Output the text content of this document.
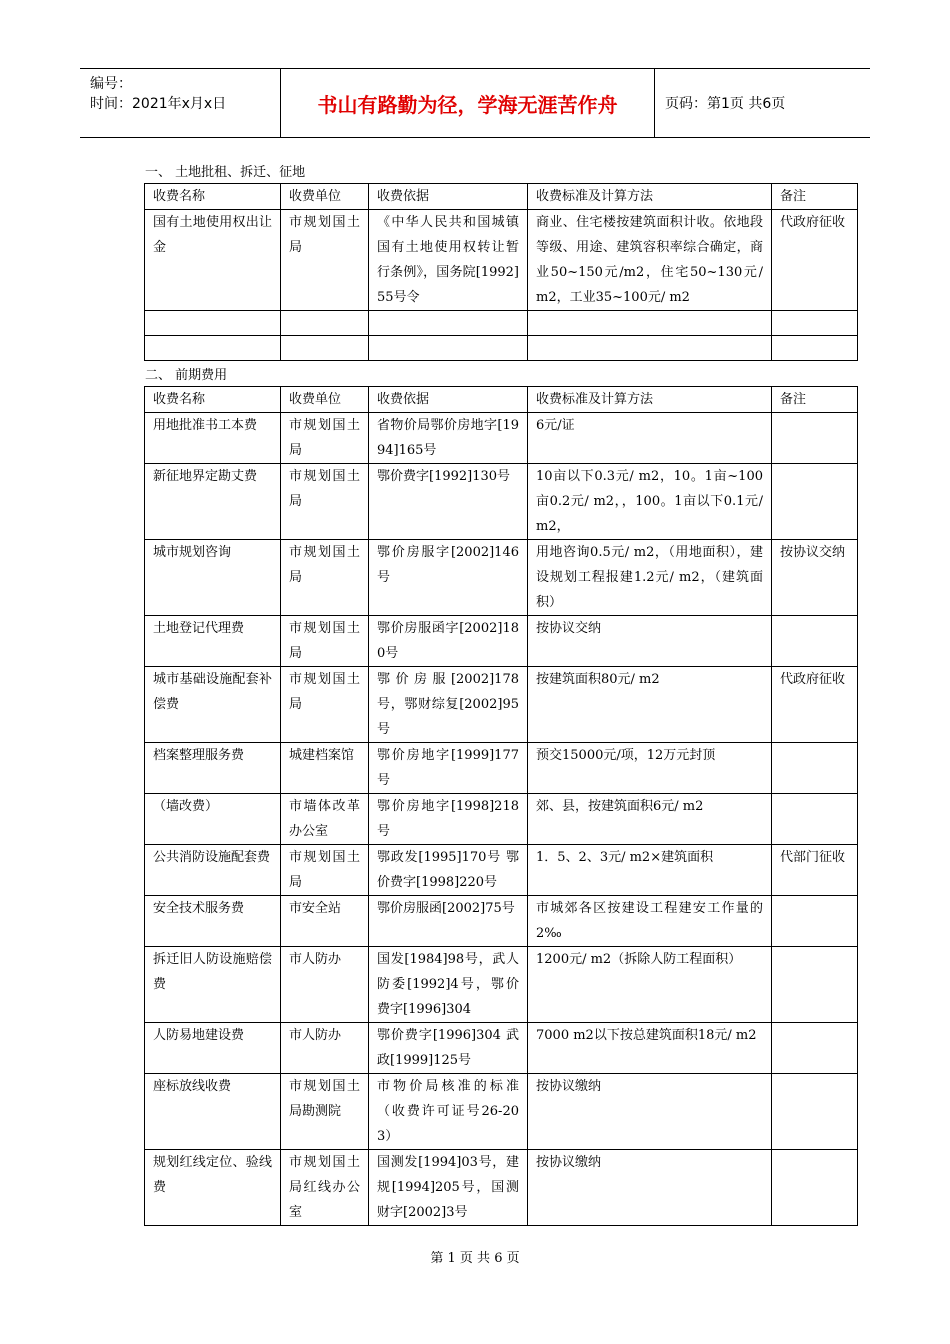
编号：
时间：2021年x月x日	书山有路勤为径，学海无涯苦作舟	页码：第1页 共6页
一、 土地批租、拆迁、征地
收费名称	收费单位	收费依据	收费标准及计算方法	备注
国有土地使用权出让金	市规划国土局	《中华人民共和国城镇国有土地使用权转让暂行条例》，国务院[1992]55号令	商业、住宅楼按建筑面积计收。依地段等级、用途、建筑容积率综合确定，商业50~150元/m2，住宅50~130元/ m2，工业35~100元/ m2	代政府征收

二、 前期费用
收费名称	收费单位	收费依据	收费标准及计算方法	备注
用地批准书工本费	市规划国土局	省物价局鄂价房地字[1994]165号	6元/证	
新征地界定勘丈费	市规划国土局	鄂价费字[1992]130号	10亩以下0.3元/ m2，10。1亩~100亩0.2元/ m2，，100。1亩以下0.1元/ m2，	
城市规划咨询	市规划国土局	鄂价房服字[2002]146号	用地咨询0.5元/ m2，（用地面积），建设规划工程报建1.2元/ m2，（建筑面积）	按协议交纳
土地登记代理费	市规划国土局	鄂价房服函字[2002]180号	按协议交纳	
城市基础设施配套补偿费	市规划国土局	鄂价房服[2002]178号，鄂财综复[2002]95号	按建筑面积80元/ m2	代政府征收
档案整理服务费	城建档案馆	鄂价房地字[1999]177号	预交15000元/项，12万元封顶	
（墙改费）	市墙体改革办公室	鄂价房地字[1998]218号	郊、县，按建筑面积6元/ m2	
公共消防设施配套费	市规划国土局	鄂政发[1995]170号 鄂价费字[1998]220号	1．5、2、3元/ m2×建筑面积	代部门征收
安全技术服务费	市安全站	鄂价房服函[2002]75号	市城郊各区按建设工程建安工作量的2‰	
拆迁旧人防设施赔偿费	市人防办	国发[1984]98号，武人防委[1992]4号，鄂价费字[1996]304	1200元/ m2（拆除人防工程面积）	
人防易地建设费	市人防办	鄂价费字[1996]304 武政[1999]125号	7000 m2以下按总建筑面积18元/ m2	
座标放线收费	市规划国土局勘测院	市物价局核准的标准（收费许可证号26-203）	按协议缴纳	
规划红线定位、验线费	市规划国土局红线办公室	国测发[1994]03号，建规[1994]205号，国测财字[2002]3号	按协议缴纳	
第 1 页 共 6 页
